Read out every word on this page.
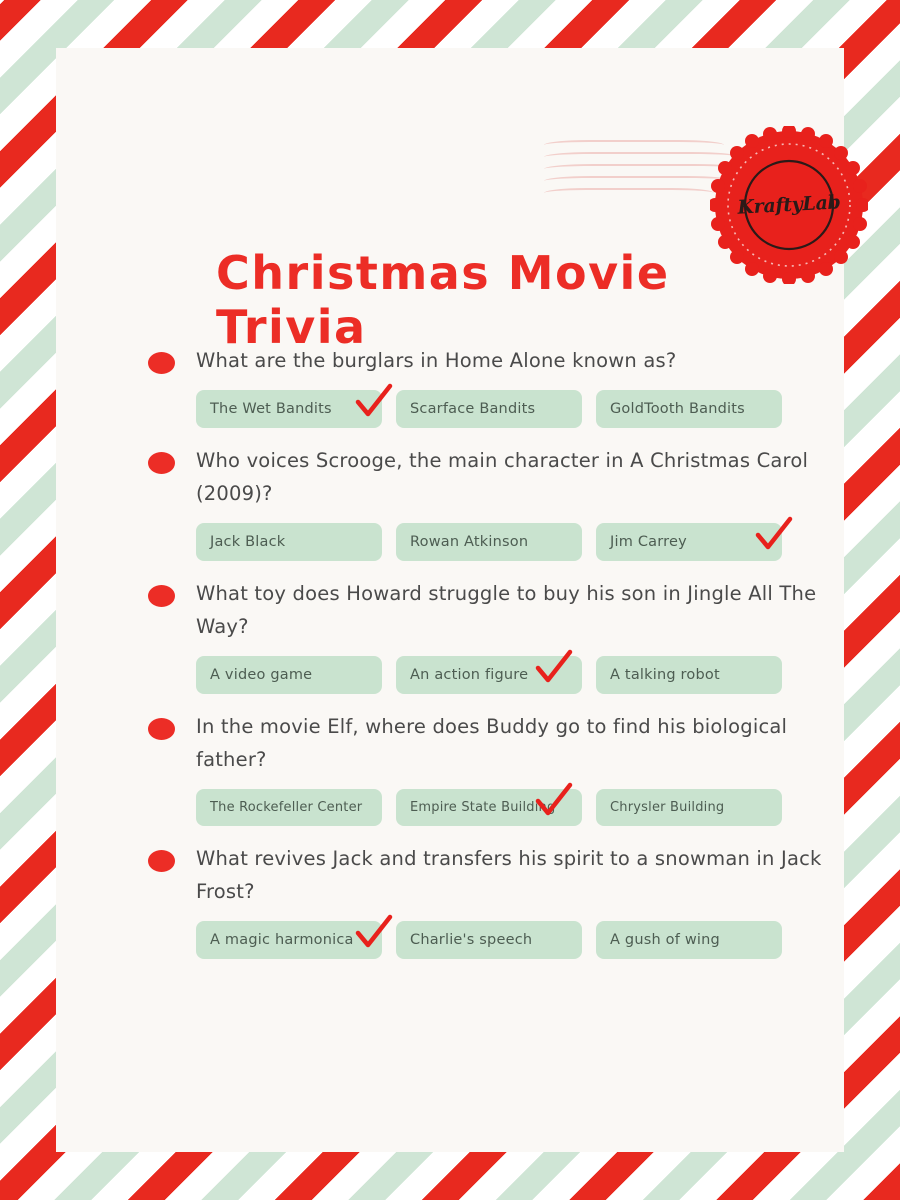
KraftyLab
Christmas Movie Trivia
What are the burglars in Home Alone known as?
The Wet Bandits	Scarface Bandits	GoldTooth Bandits
Who voices Scrooge, the main character in A Christmas Carol (2009)?
Jack Black	Rowan Atkinson	Jim Carrey
What toy does Howard struggle to buy his son in Jingle All The Way?
A video game	An action figure	A talking robot
In the movie Elf, where does Buddy go to find his biological father?
The Rockefeller Center	Empire State Building	Chrysler Building
What revives Jack and transfers his spirit to a snowman in Jack Frost?
A magic harmonica	Charlie's speech	A gush of wing
